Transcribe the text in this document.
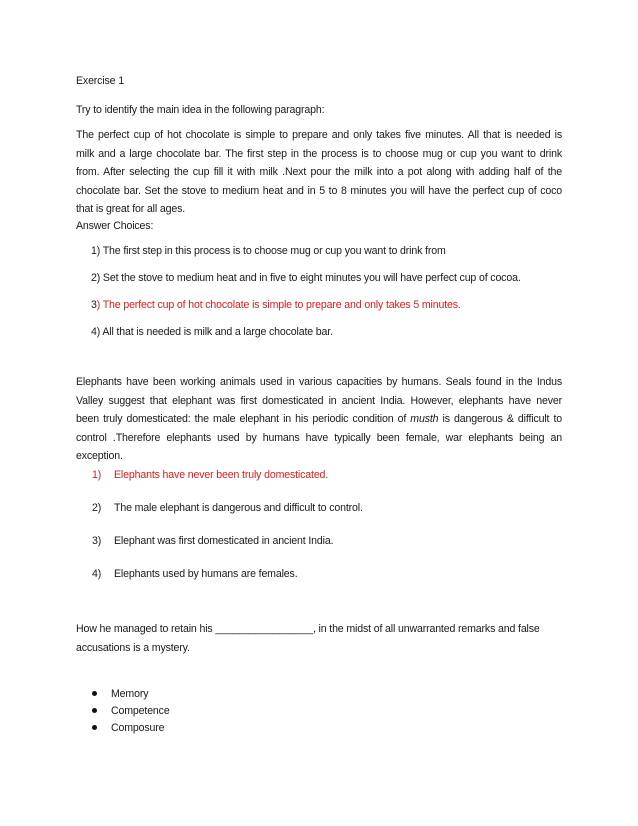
Exercise 1
Try to identify the main idea in the following paragraph:
The perfect cup of hot chocolate is simple to prepare and only takes five minutes. All that is needed is
milk and a large chocolate bar. The first step in the process is to choose mug or cup you want to drink
from. After selecting the cup fill it with milk .Next pour the milk into a pot along with adding half of the
chocolate bar. Set the stove to medium heat and in 5 to 8 minutes you will have the perfect cup of coco
that is great for all ages.
Answer Choices:
1) The first step in this process is to choose mug or cup you want to drink from
2) Set the stove to medium heat and in five to eight minutes you will have perfect cup of cocoa.
3) The perfect cup of hot chocolate is simple to prepare and only takes 5 minutes.
4) All that is needed is milk and a large chocolate bar.
Elephants have been working animals used in various capacities by humans. Seals found in the Indus
Valley suggest that elephant was first domesticated in ancient India. However, elephants have never
been truly domesticated: the male elephant in his periodic condition of musth is dangerous & difficult to
control .Therefore elephants used by humans have typically been female, war elephants being an
exception.
1) Elephants have never been truly domesticated.
2) The male elephant is dangerous and difficult to control.
3) Elephant was first domesticated in ancient India.
4) Elephants used by humans are females.
How he managed to retain his _________________, in the midst of all unwarranted remarks and false
accusations is a mystery.
Memory
Competence
Composure
